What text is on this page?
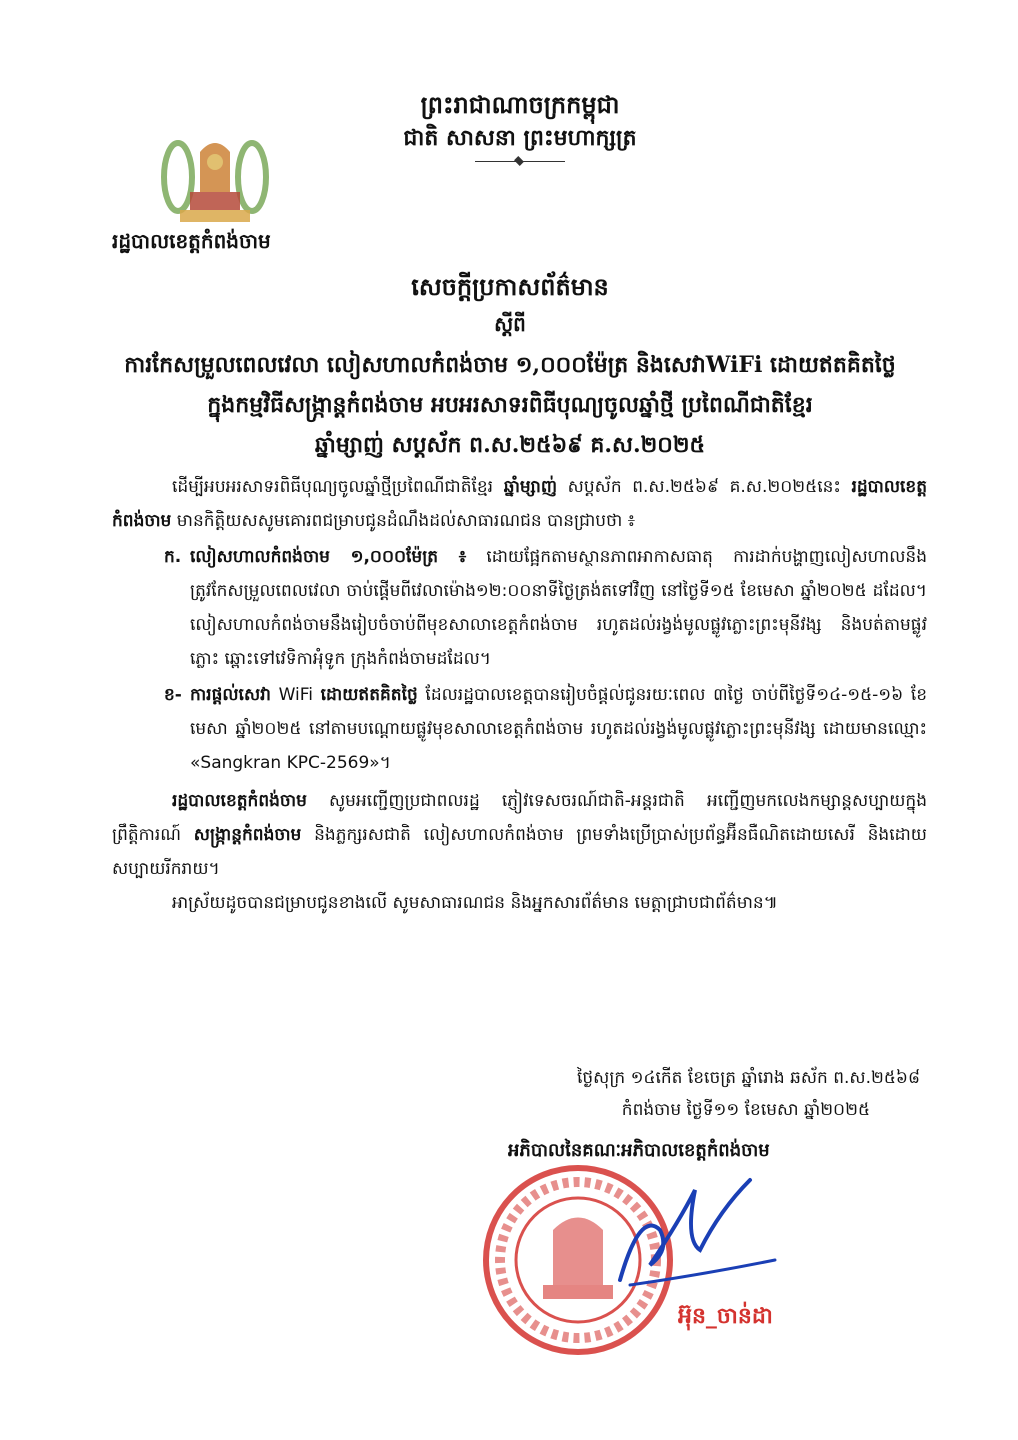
ព្រះរាជាណាចក្រកម្ពុជា
ជាតិ សាសនា ព្រះមហាក្សត្រ
រដ្ឋបាលខេត្តកំពង់ចាម
សេចក្តីប្រកាសព័ត៌មាន
ស្តីពី
ការកែសម្រួលពេលវេលា លៀសហាលកំពង់ចាម ១,០០០ម៉ែត្រ និងសេវាWiFi ដោយឥតគិតថ្លៃ
ក្នុងកម្មវិធីសង្ក្រាន្តកំពង់ចាម អបអរសាទរពិធីបុណ្យចូលឆ្នាំថ្មី ប្រពៃណីជាតិខ្មែរ
ឆ្នាំម្សាញ់ សប្តស័ក ព.ស.២៥៦៩ គ.ស.២០២៥

ដើម្បីអបអរសាទរពិធីបុណ្យចូលឆ្នាំថ្មីប្រពៃណីជាតិខ្មែរ ឆ្នាំម្សាញ់ សប្តស័ក ព.ស.២៥៦៩ គ.ស.២០២៥នេះ រដ្ឋបាលខេត្តកំពង់ចាម មានកិត្តិយសសូមគោរពជម្រាបជូនដំណឹងដល់សាធារណជន បានជ្រាបថា ៖

ក. លៀសហាលកំពង់ចាម ១,០០០ម៉ែត្រ ៖ ដោយផ្អែកតាមស្ថានភាពអាកាសធាតុ ការដាក់បង្ហាញលៀសហាលនឹងត្រូវកែសម្រួលពេលវេលា ចាប់ផ្តើមពីវេលាម៉ោង១២:០០នាទីថ្ងៃត្រង់តទៅវិញ នៅថ្ងៃទី១៥ ខែមេសា ឆ្នាំ២០២៥ ដដែល។ លៀសហាលកំពង់ចាមនឹងរៀបចំចាប់ពីមុខសាលាខេត្តកំពង់ចាម រហូតដល់រង្វង់មូលផ្លូវភ្លោះព្រះមុនីវង្ស និងបត់តាមផ្លូវភ្លោះ ឆ្ពោះទៅវេទិកាអុំទូក ក្រុងកំពង់ចាមដដែល។

ខ- ការផ្តល់សេវា WiFi ដោយឥតគិតថ្លៃ ដែលរដ្ឋបាលខេត្តបានរៀបចំផ្តល់ជូនរយៈពេល ៣ថ្ងៃ ចាប់ពីថ្ងៃទី១៤-១៥-១៦ ខែមេសា ឆ្នាំ២០២៥ នៅតាមបណ្តោយផ្លូវមុខសាលាខេត្តកំពង់ចាម រហូតដល់រង្វង់មូលផ្លូវភ្លោះព្រះមុនីវង្ស ដោយមានឈ្មោះ «Sangkran KPC-2569»។

រដ្ឋបាលខេត្តកំពង់ចាម សូមអញ្ជើញប្រជាពលរដ្ឋ ភ្ញៀវទេសចរណ៍ជាតិ-អន្តរជាតិ អញ្ជើញមកលេងកម្សាន្តសប្បាយក្នុងព្រឹត្តិការណ៍ សង្ក្រាន្តកំពង់ចាម និងភ្លក្សរសជាតិ លៀសហាលកំពង់ចាម ព្រមទាំងប្រើប្រាស់ប្រព័ន្ធអ៊ីនធឺណិតដោយសេរី និងដោយសប្បាយរីករាយ។

អាស្រ័យដូចបានជម្រាបជូនខាងលើ សូមសាធារណជន និងអ្នកសារព័ត៌មាន មេត្តាជ្រាបជាព័ត៌មាន៕

ថ្ងៃសុក្រ ១៤កើត ខែចេត្រ ឆ្នាំរោង ឆស័ក ព.ស.២៥៦៨
កំពង់ចាម ថ្ងៃទី១១ ខែមេសា ឆ្នាំ២០២៥
អភិបាលនៃគណៈអភិបាលខេត្តកំពង់ចាម
អ៊ុន_ចាន់ដា
